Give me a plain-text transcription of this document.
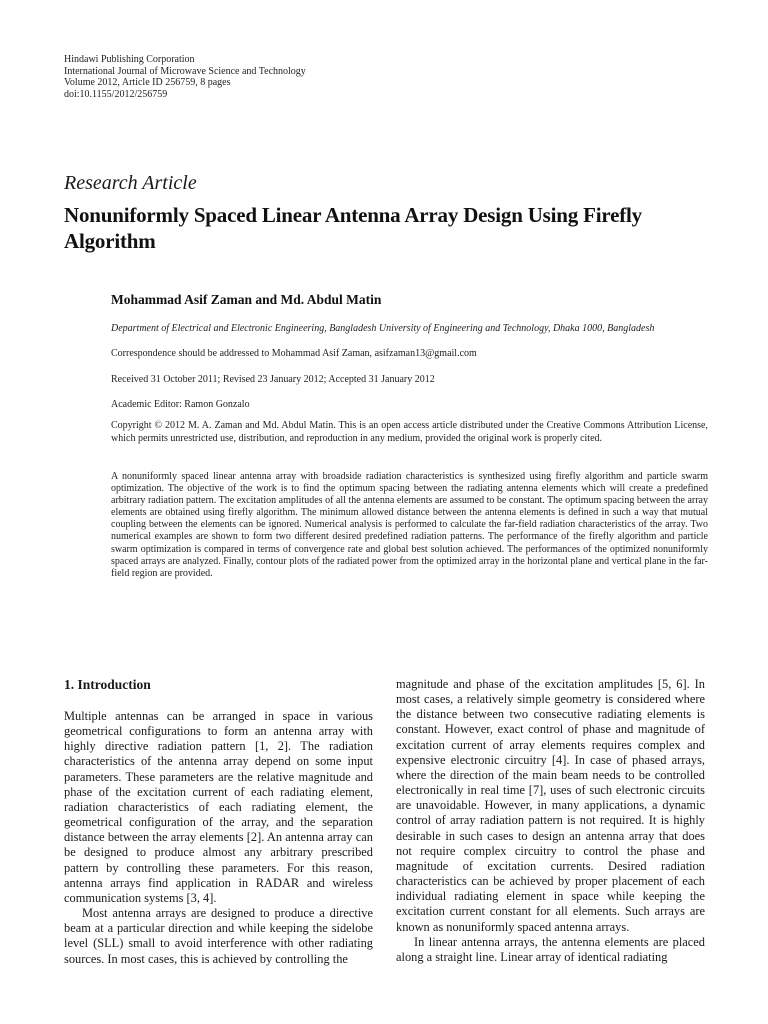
Hindawi Publishing Corporation
International Journal of Microwave Science and Technology
Volume 2012, Article ID 256759, 8 pages
doi:10.1155/2012/256759
Research Article
Nonuniformly Spaced Linear Antenna Array Design Using Firefly Algorithm
Mohammad Asif Zaman and Md. Abdul Matin
Department of Electrical and Electronic Engineering, Bangladesh University of Engineering and Technology, Dhaka 1000, Bangladesh
Correspondence should be addressed to Mohammad Asif Zaman, asifzaman13@gmail.com
Received 31 October 2011; Revised 23 January 2012; Accepted 31 January 2012
Academic Editor: Ramon Gonzalo
Copyright © 2012 M. A. Zaman and Md. Abdul Matin. This is an open access article distributed under the Creative Commons Attribution License, which permits unrestricted use, distribution, and reproduction in any medium, provided the original work is properly cited.
A nonuniformly spaced linear antenna array with broadside radiation characteristics is synthesized using firefly algorithm and particle swarm optimization. The objective of the work is to find the optimum spacing between the radiating antenna elements which will create a predefined arbitrary radiation pattern. The excitation amplitudes of all the antenna elements are assumed to be constant. The optimum spacing between the array elements are obtained using firefly algorithm. The minimum allowed distance between the antenna elements is defined in such a way that mutual coupling between the elements can be ignored. Numerical analysis is performed to calculate the far-field radiation characteristics of the array. Two numerical examples are shown to form two different desired predefined radiation patterns. The performance of the firefly algorithm and particle swarm optimization is compared in terms of convergence rate and global best solution achieved. The performances of the optimized nonuniformly spaced arrays are analyzed. Finally, contour plots of the radiated power from the optimized array in the horizontal plane and vertical plane in the far-field region are provided.
1. Introduction

Multiple antennas can be arranged in space in various geometrical configurations to form an antenna array with highly directive radiation pattern [1, 2]. The radiation characteristics of the antenna array depend on some input parameters. These parameters are the relative magnitude and phase of the excitation current of each radiating element, radiation characteristics of each radiating element, the geometrical configuration of the array, and the separation distance between the array elements [2]. An antenna array can be designed to produce almost any arbitrary prescribed pattern by controlling these parameters. For this reason, antenna arrays find application in RADAR and wireless communication systems [3, 4].

Most antenna arrays are designed to produce a directive beam at a particular direction and while keeping the sidelobe level (SLL) small to avoid interference with other radiating sources. In most cases, this is achieved by controlling the

magnitude and phase of the excitation amplitudes [5, 6]. In most cases, a relatively simple geometry is considered where the distance between two consecutive radiating elements is constant. However, exact control of phase and magnitude of excitation current of array elements requires complex and expensive electronic circuitry [4]. In case of phased arrays, where the direction of the main beam needs to be controlled electronically in real time [7], uses of such electronic circuits are unavoidable. However, in many applications, a dynamic control of array radiation pattern is not required. It is highly desirable in such cases to design an antenna array that does not require complex circuitry to control the phase and magnitude of excitation currents. Desired radiation characteristics can be achieved by proper placement of each individual radiating element in space while keeping the excitation current constant for all elements. Such arrays are known as nonuniformly spaced antenna arrays.

In linear antenna arrays, the antenna elements are placed along a straight line. Linear array of identical radiating
